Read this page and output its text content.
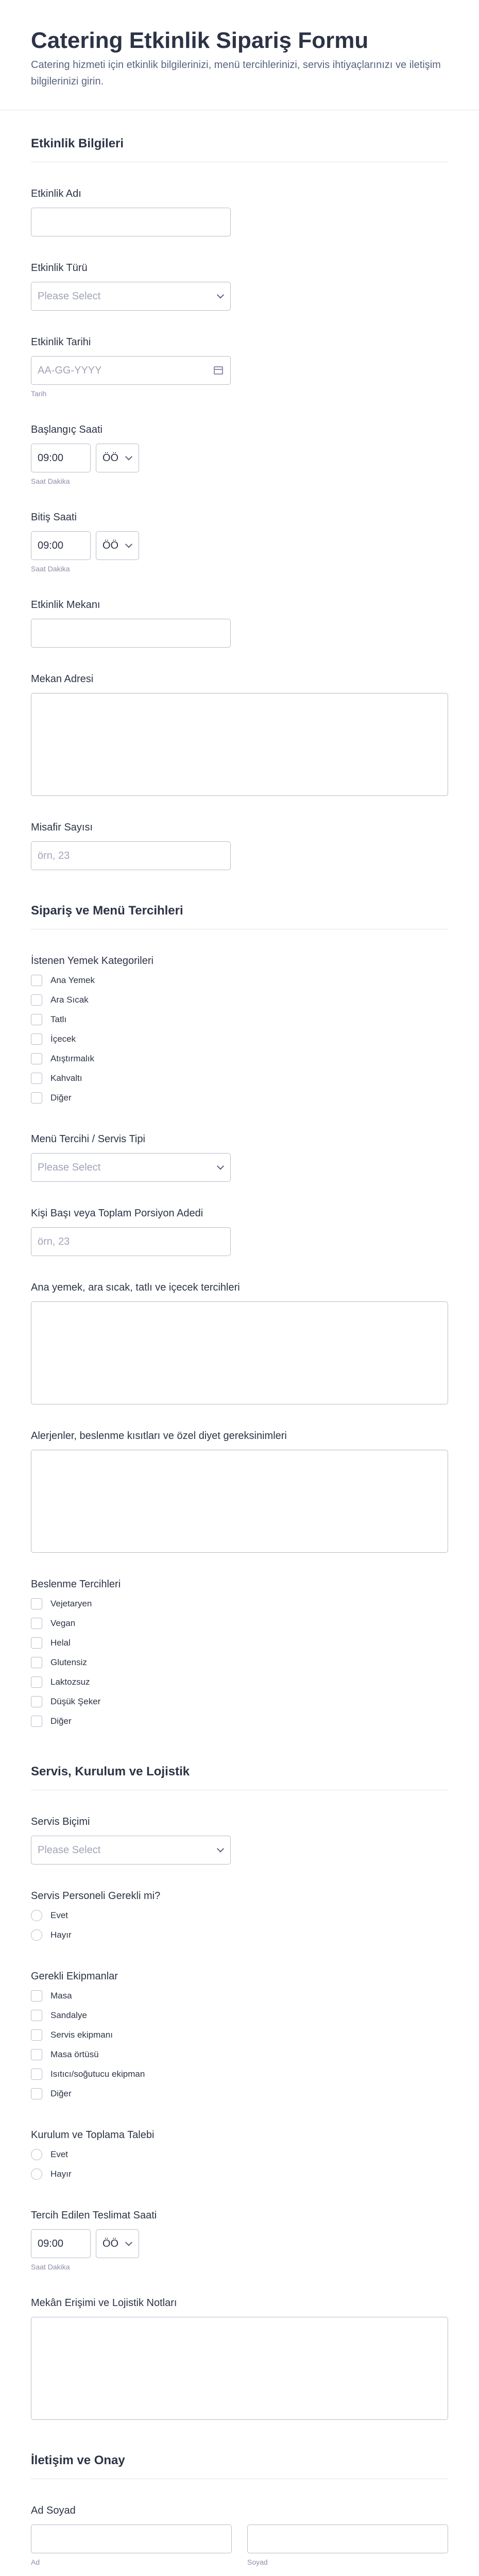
Catering Etkinlik Sipariş Formu
Catering hizmeti için etkinlik bilgilerinizi, menü tercihlerinizi, servis ihtiyaçlarınızı ve iletişim bilgilerinizi girin.
Etkinlik Bilgileri
Etkinlik Adı
Etkinlik Türü
Please Select
Etkinlik Tarihi
AA-GG-YYYY
Tarih
Başlangıç Saati
09:00	ÖÖ
Saat Dakika
Bitiş Saati
09:00	ÖÖ
Saat Dakika
Etkinlik Mekanı
Mekan Adresi
Misafir Sayısı
örn, 23
Sipariş ve Menü Tercihleri
İstenen Yemek Kategorileri
Ana Yemek
Ara Sıcak
Tatlı
İçecek
Atıştırmalık
Kahvaltı
Diğer
Menü Tercihi / Servis Tipi
Please Select
Kişi Başı veya Toplam Porsiyon Adedi
örn, 23
Ana yemek, ara sıcak, tatlı ve içecek tercihleri
Alerjenler, beslenme kısıtları ve özel diyet gereksinimleri
Beslenme Tercihleri
Vejetaryen
Vegan
Helal
Glutensiz
Laktozsuz
Düşük Şeker
Diğer
Servis, Kurulum ve Lojistik
Servis Biçimi
Please Select
Servis Personeli Gerekli mi?
Evet
Hayır
Gerekli Ekipmanlar
Masa
Sandalye
Servis ekipmanı
Masa örtüsü
Isıtıcı/soğutucu ekipman
Diğer
Kurulum ve Toplama Talebi
Evet
Hayır
Tercih Edilen Teslimat Saati
09:00	ÖÖ
Saat Dakika
Mekân Erişimi ve Lojistik Notları
İletişim ve Onay
Ad Soyad
Ad	Soyad
